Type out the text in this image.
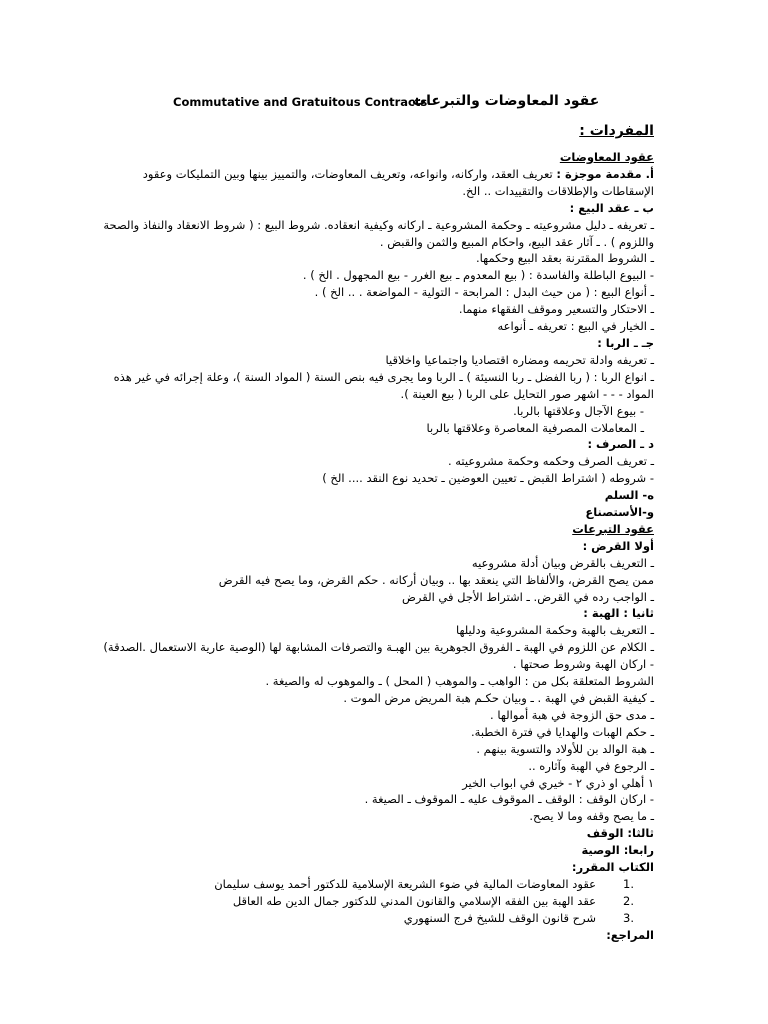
Commutative and Gratuitous Contracts
عقود المعاوضات والتبرعات

المفردات :

عقود المعاوضات

أ. مقدمة موجزة : تعريف العقد، واركانه، وانواعه، وتعريف المعاوضات، والتمييز بينها وبين التمليكات وعقود الإسقاطات والإطلاقات والتقييدات .. الخ.

ب ـ عقد البيع :

ـ تعريفه ـ دليل مشروعيته ـ وحكمة المشروعية ـ اركانه وكيفية انعقاده. شروط البيع : ( شروط الانعقاد والنفاذ والصحة واللزوم ) . ـ آثار عقد البيع، واحكام المبيع والثمن والقبض .

ـ الشروط المقترنة بعقد البيع وحكمها.

- البيوع الباطلة والفاسدة : ( بيع المعدوم ـ بيع الغرر - بيع المجهول . الخ ) .

ـ أنواع البيع : ( من حيث البدل : المرابحة - التولية - المواضعة . .. الخ ) .

ـ الاحتكار والتسعير وموقف الفقهاء منهما.

ـ الخيار في البيع : تعريفه ـ أنواعه

جـ ـ الربا :

ـ تعريفه وادلة تحريمه ومضاره اقتصاديا واجتماعيا واخلاقيا

ـ انواع الربا : ( ربا الفضل ـ ربا النسيئة ) ـ الربا وما يجرى فيه بنص السنة ( المواد السنة )، وعلة إجرائه في غير هذه المواد - - - اشهر صور التحايل على الربا ( بيع العينة ).

- بيوع الآجال وعلاقتها بالربا.

ـ المعاملات المصرفية المعاصرة وعلاقتها بالربا

د ـ الصرف :

ـ تعريف الصرف وحكمه وحكمة مشروعيته .

- شروطه ( اشتراط القبض ـ تعيين العوضين ـ تحديد نوع النقد .... الخ )

ه- السلم

و-الأستصناع

عقود التبرعات

أولا القرض :

ـ التعريف بالقرض وبيان أدلة مشروعيه

ممن يصح القرض، والألفاظ التي ينعقد بها .. وبيان أركانه . حكم القرض، وما يصح فيه القرض

ـ الواجب رده في القرض. ـ اشتراط الأجل في القرض

ثانيا : الهبة :

ـ التعريف بالهبة وحكمة المشروعية ودليلها

ـ الكلام عن اللزوم في الهبة ـ الفروق الجوهرية بين الهبـة والتصرفات المشابهة لها (الوصية عارية الاستعمال .الصدقة)

- اركان الهبة وشروط صحتها .

الشروط المتعلقة بكل من : الواهب ـ والموهب ( المحل ) ـ والموهوب له والصيغة .

ـ كيفية القبض في الهبة . ـ وبيان حكـم هبة المريض مرض الموت .

ـ مدى حق الزوجة في هبة أموالها .

ـ حكم الهبات والهدايا في فترة الخطبة.

ـ هبة الوالد بن للأولاد والتسوية بينهم .

ـ الرجوع في الهبة وآثاره ..

١ أهلي او ذري ٢ - خيري في ابواب الخير

- اركان الوقف : الوقف ـ الموقوف عليه ـ الموقوف ـ الصيغة .

ـ ما يصح وقفه وما لا يصح.

ثالثا: الوقف

رابعا: الوصية

الكتاب المقرر:

1.
عقود المعاوضات المالية في ضوء الشريعة الإسلامية للدكتور أحمد يوسف سليمان

2.
عقد الهبة بين الفقه الإسلامي والقانون المدني للدكتور جمال الدين طه العاقل

3.
شرح قانون الوقف للشيخ فرج السنهوري

المراجع:
